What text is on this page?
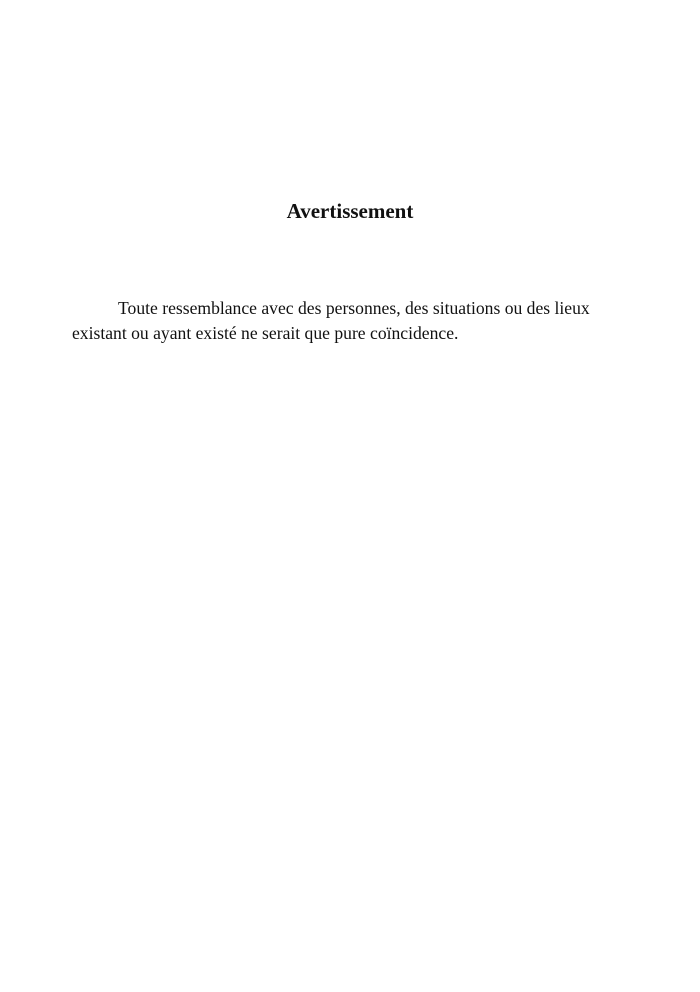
Avertissement

Toute ressemblance avec des personnes, des situations ou des lieux
existant ou ayant existé ne serait que pure coïncidence.
